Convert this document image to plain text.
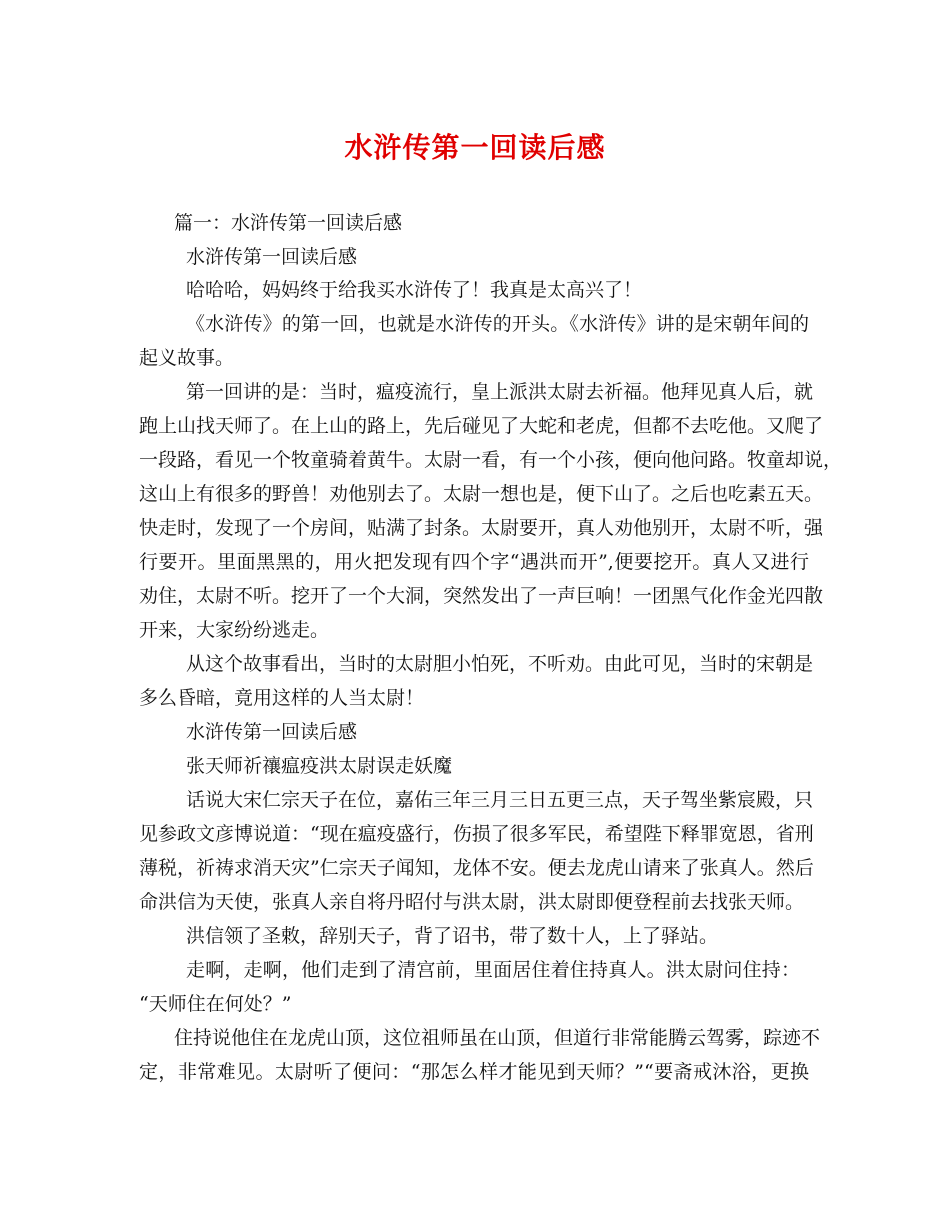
水浒传第一回读后感
篇一：水浒传第一回读后感
水浒传第一回读后感
哈哈哈，妈妈终于给我买水浒传了！我真是太高兴了！
《水浒传》的第一回，也就是水浒传的开头。《水浒传》讲的是宋朝年间的
起义故事。
第一回讲的是：当时，瘟疫流行，皇上派洪太尉去祈福。他拜见真人后，就
跑上山找天师了。在上山的路上，先后碰见了大蛇和老虎，但都不去吃他。又爬了
一段路，看见一个牧童骑着黄牛。太尉一看，有一个小孩，便向他问路。牧童却说，
这山上有很多的野兽！劝他别去了。太尉一想也是，便下山了。之后也吃素五天。
快走时，发现了一个房间，贴满了封条。太尉要开，真人劝他别开，太尉不听，强
行要开。里面黑黑的，用火把发现有四个字“遇洪而开”,便要挖开。真人又进行
劝住，太尉不听。挖开了一个大洞，突然发出了一声巨响！一团黑气化作金光四散
开来，大家纷纷逃走。
从这个故事看出，当时的太尉胆小怕死，不听劝。由此可见，当时的宋朝是
多么昏暗，竟用这样的人当太尉！
水浒传第一回读后感
张天师祈禳瘟疫洪太尉误走妖魔
话说大宋仁宗天子在位，嘉佑三年三月三日五更三点，天子驾坐紫宸殿，只
见参政文彦博说道：“现在瘟疫盛行，伤损了很多军民，希望陛下释罪宽恩，省刑
薄税，祈祷求消天灾”仁宗天子闻知，龙体不安。便去龙虎山请来了张真人。然后
命洪信为天使，张真人亲自将丹昭付与洪太尉，洪太尉即便登程前去找张天师。
洪信领了圣敕，辞别天子，背了诏书，带了数十人，上了驿站。
走啊，走啊，他们走到了清宫前，里面居住着住持真人。洪太尉问住持：
“天师住在何处？”
住持说他住在龙虎山顶，这位祖师虽在山顶，但道行非常能腾云驾雾，踪迹不
定，非常难见。太尉听了便问：“那怎么样才能见到天师？”“要斋戒沐浴，更换
